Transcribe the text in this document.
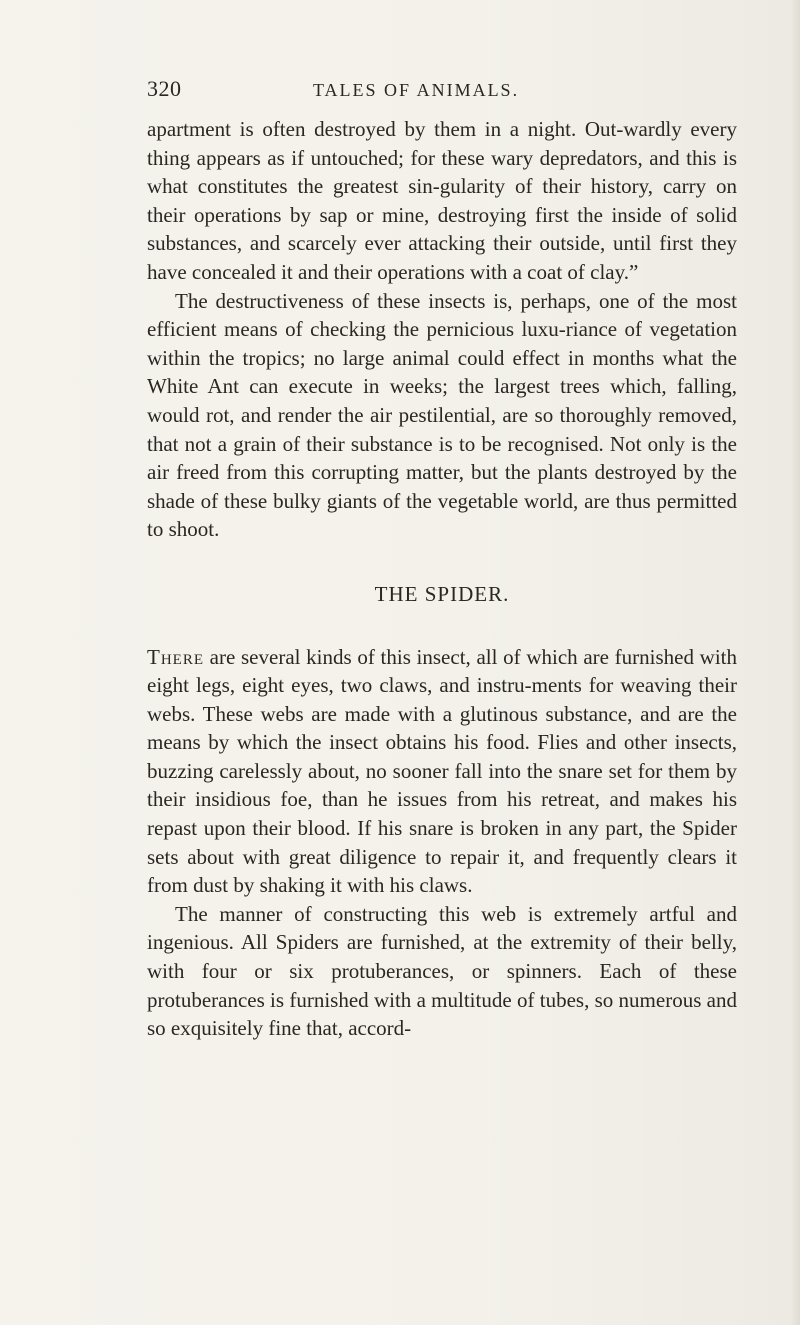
320	TALES OF ANIMALS.

apartment is often destroyed by them in a night. Out-wardly every thing appears as if untouched; for these wary depredators, and this is what constitutes the greatest sin-gularity of their history, carry on their operations by sap or mine, destroying first the inside of solid substances, and scarcely ever attacking their outside, until first they have concealed it and their operations with a coat of clay.”

The destructiveness of these insects is, perhaps, one of the most efficient means of checking the pernicious luxu-riance of vegetation within the tropics; no large animal could effect in months what the White Ant can execute in weeks; the largest trees which, falling, would rot, and render the air pestilential, are so thoroughly removed, that not a grain of their substance is to be recognised. Not only is the air freed from this corrupting matter, but the plants destroyed by the shade of these bulky giants of the vegetable world, are thus permitted to shoot.

THE SPIDER.

There are several kinds of this insect, all of which are furnished with eight legs, eight eyes, two claws, and instru-ments for weaving their webs. These webs are made with a glutinous substance, and are the means by which the insect obtains his food. Flies and other insects, buzzing carelessly about, no sooner fall into the snare set for them by their insidious foe, than he issues from his retreat, and makes his repast upon their blood. If his snare is broken in any part, the Spider sets about with great diligence to repair it, and frequently clears it from dust by shaking it with his claws.

The manner of constructing this web is extremely artful and ingenious. All Spiders are furnished, at the extremity of their belly, with four or six protuberances, or spinners. Each of these protuberances is furnished with a multitude of tubes, so numerous and so exquisitely fine that, accord-
